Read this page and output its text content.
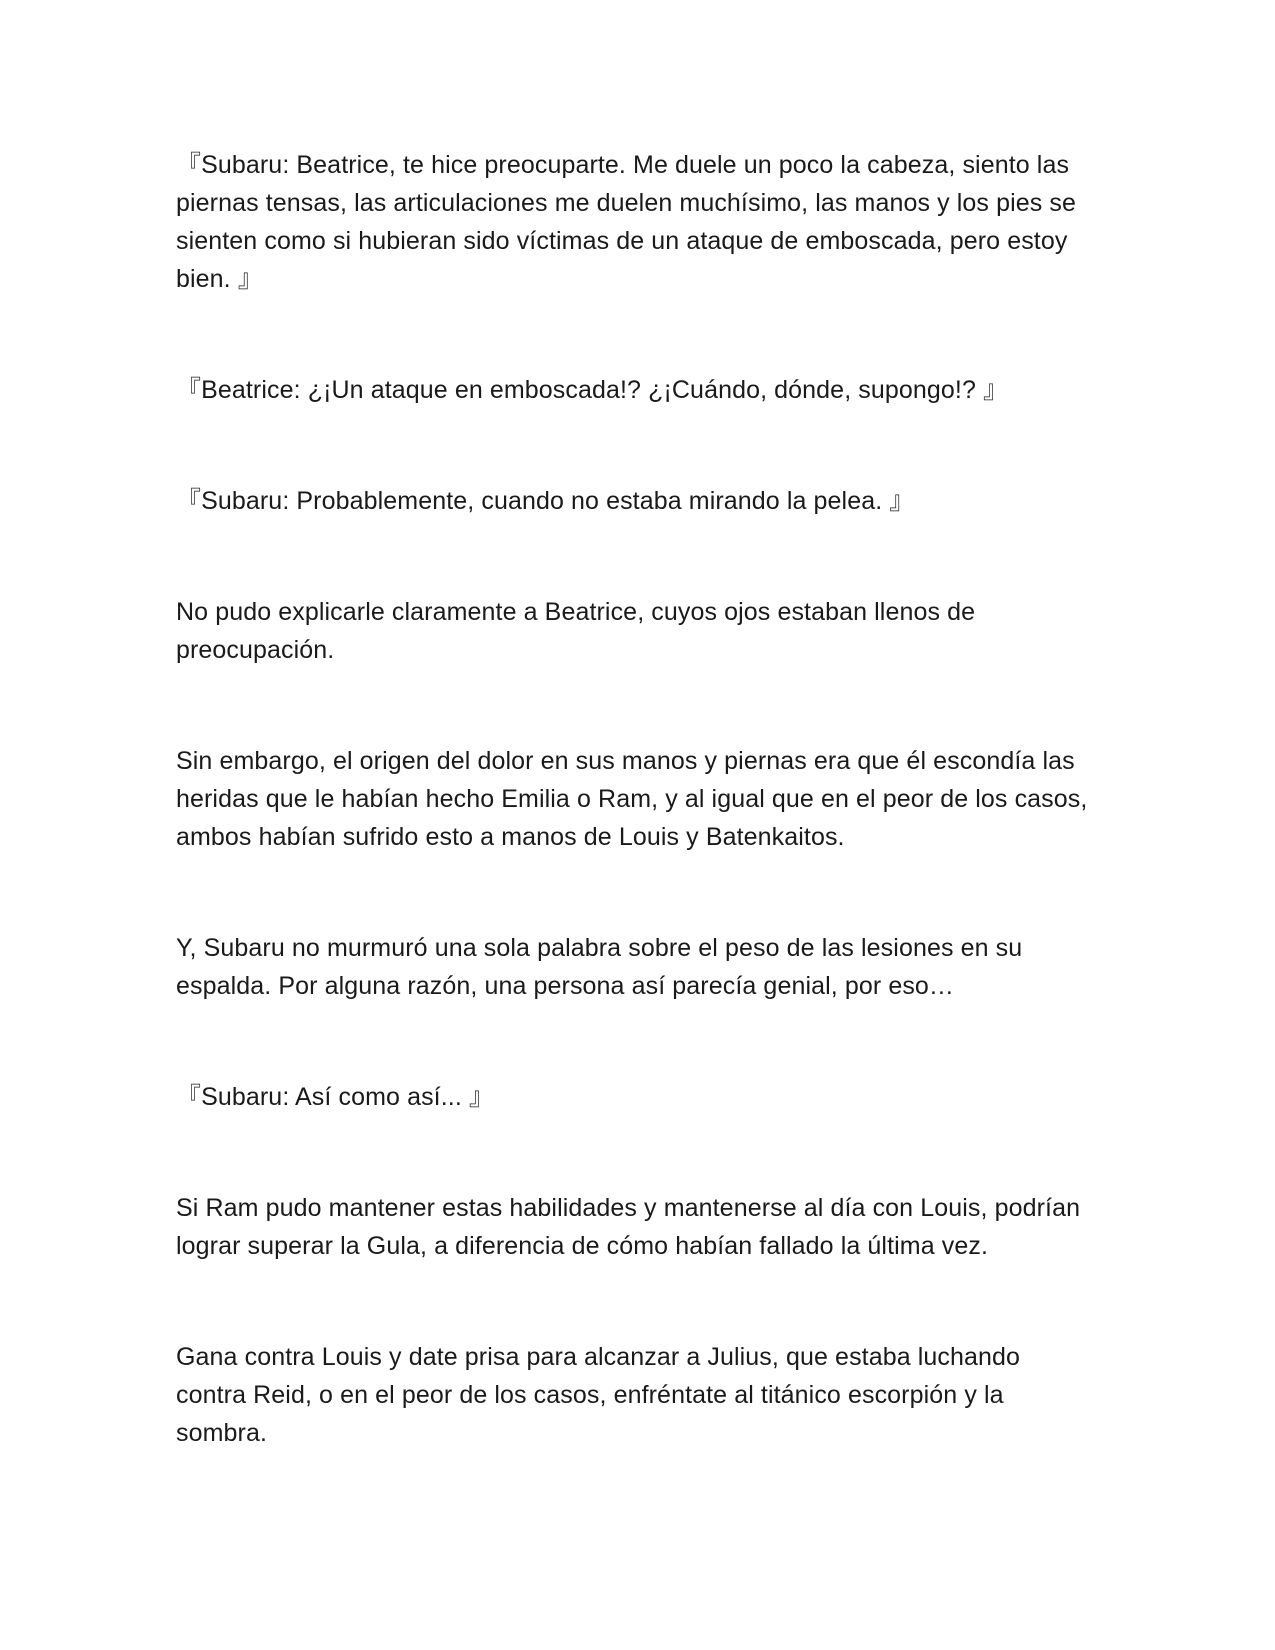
『Subaru: Beatrice, te hice preocuparte. Me duele un poco la cabeza, siento las piernas tensas, las articulaciones me duelen muchísimo, las manos y los pies se sienten como si hubieran sido víctimas de un ataque de emboscada, pero estoy bien. 』

『Beatrice: ¿¡Un ataque en emboscada!? ¿¡Cuándo, dónde, supongo!? 』

『Subaru: Probablemente, cuando no estaba mirando la pelea. 』

No pudo explicarle claramente a Beatrice, cuyos ojos estaban llenos de preocupación.

Sin embargo, el origen del dolor en sus manos y piernas era que él escondía las heridas que le habían hecho Emilia o Ram, y al igual que en el peor de los casos, ambos habían sufrido esto a manos de Louis y Batenkaitos.

Y, Subaru no murmuró una sola palabra sobre el peso de las lesiones en su espalda. Por alguna razón, una persona así parecía genial, por eso…

『Subaru: Así como así... 』

Si Ram pudo mantener estas habilidades y mantenerse al día con Louis, podrían lograr superar la Gula, a diferencia de cómo habían fallado la última vez.

Gana contra Louis y date prisa para alcanzar a Julius, que estaba luchando contra Reid, o en el peor de los casos, enfréntate al titánico escorpión y la sombra.
